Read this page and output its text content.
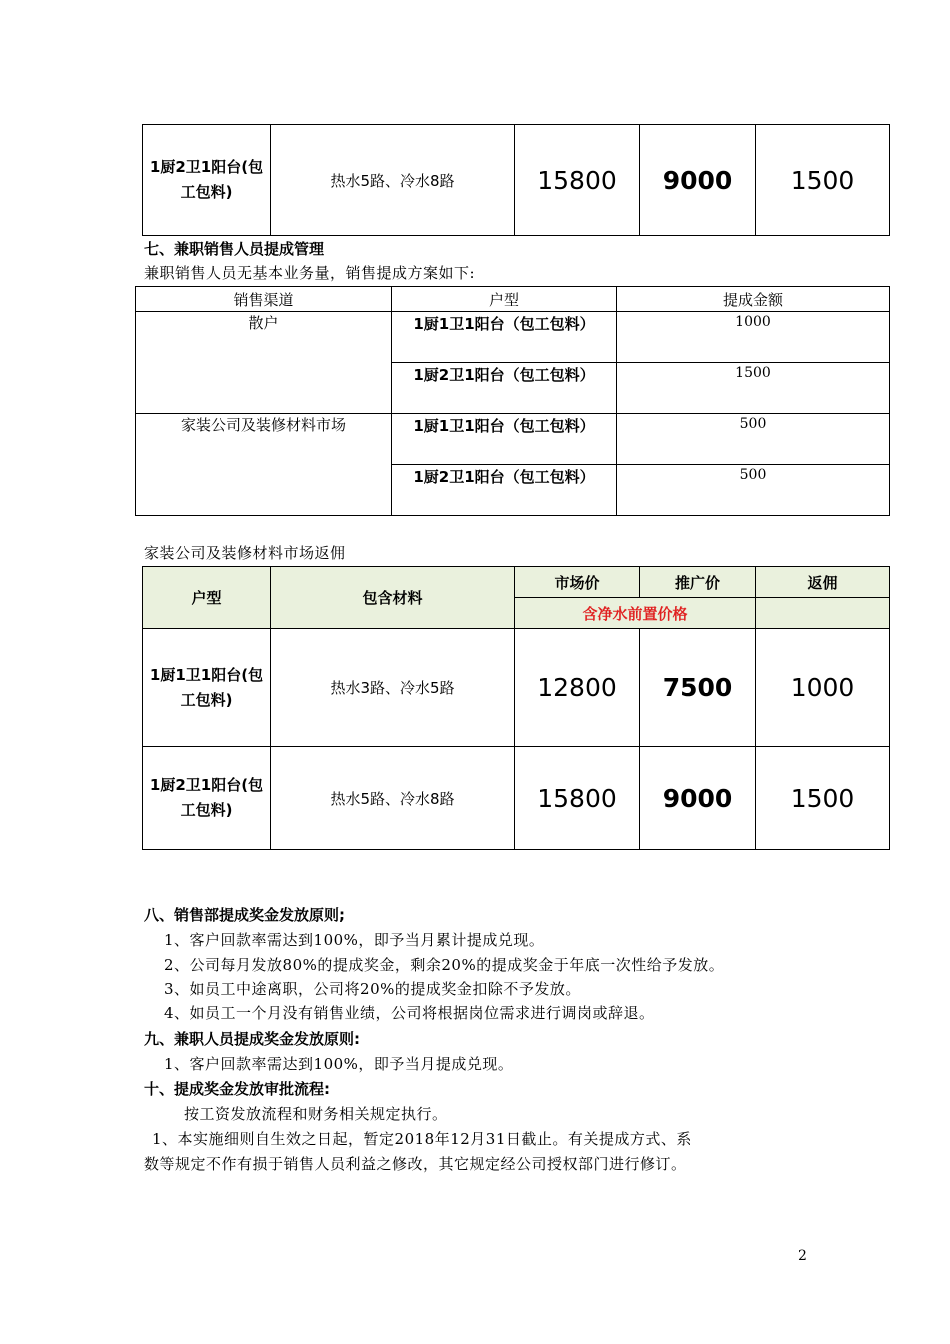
1厨2卫1阳台(包工包料)	热水5路、冷水8路	15800	9000	1500
七、兼职销售人员提成管理
兼职销售人员无基本业务量，销售提成方案如下:
销售渠道	户型	提成金额
散户	1厨1卫1阳台（包工包料）	1000
	1厨2卫1阳台（包工包料）	1500
家装公司及装修材料市场	1厨1卫1阳台（包工包料）	500
	1厨2卫1阳台（包工包料）	500
家装公司及装修材料市场返佣
户型	包含材料	市场价	推广价	返佣
		含净水前置价格		
1厨1卫1阳台(包工包料)	热水3路、冷水5路	12800	7500	1000
1厨2卫1阳台(包工包料)	热水5路、冷水8路	15800	9000	1500
八、销售部提成奖金发放原则;
1、客户回款率需达到100%，即予当月累计提成兑现。
2、公司每月发放80%的提成奖金，剩余20%的提成奖金于年底一次性给予发放。
3、如员工中途离职，公司将20%的提成奖金扣除不予发放。
4、如员工一个月没有销售业绩，公司将根据岗位需求进行调岗或辞退。
九、兼职人员提成奖金发放原则:
1、客户回款率需达到100%，即予当月提成兑现。
十、提成奖金发放审批流程:
按工资发放流程和财务相关规定执行。
1、本实施细则自生效之日起，暂定2018年12月31日截止。有关提成方式、系
数等规定不作有损于销售人员利益之修改，其它规定经公司授权部门进行修订。
2
